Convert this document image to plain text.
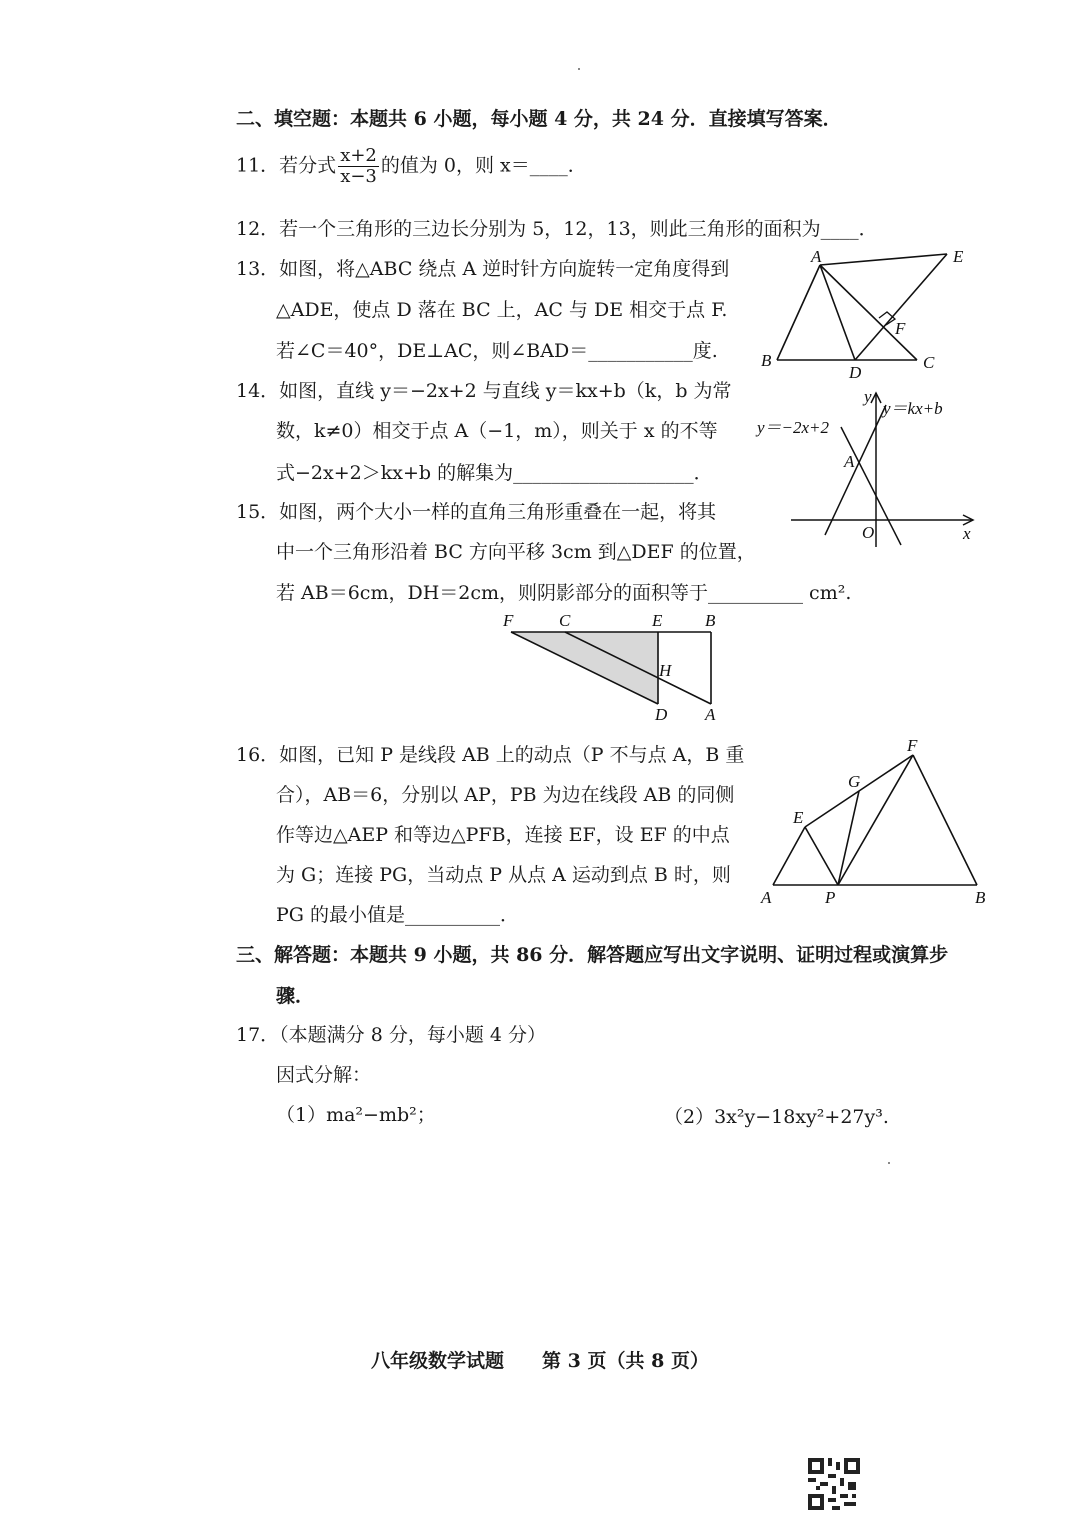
二、填空题：本题共 6 小题，每小题 4 分，共 24 分．直接填写答案．
11．若分式 $\frac{x+2}{x-3}$ 的值为 0，则 x＝____．
12．若一个三角形的三边长分别为 5，12，13，则此三角形的面积为____．
13．如图，将△ABC 绕点 A 逆时针方向旋转一定角度得到
△ADE，使点 D 落在 BC 上，AC 与 DE 相交于点 F.
若∠C＝40°，DE⊥AC，则∠BAD＝___________度.
A	E
F
B
D
C
14．如图，直线 y＝−2x+2 与直线 y＝kx+b（k，b 为常
数，k≠0）相交于点 A（−1，m），则关于 x 的不等
式−2x+2＞kx+b 的解集为___________________．
y
x
O
A
y＝−2x+2
y＝kx+b
15．如图，两个大小一样的直角三角形重叠在一起，将其
中一个三角形沿着 BC 方向平移 3cm 到△DEF 的位置，
若 AB＝6cm，DH＝2cm，则阴影部分的面积等于__________ cm².
F	C	E	B
H
D A
16．如图，已知 P 是线段 AB 上的动点（P 不与点 A，B 重
合），AB＝6，分别以 AP，PB 为边在线段 AB 的同侧
作等边△AEP 和等边△PFB，连接 EF，设 EF 的中点
为 G；连接 PG，当动点 P 从点 A 运动到点 B 时，则
PG 的最小值是__________．
F
G
E
A	P	B
三、解答题：本题共 9 小题，共 86 分．解答题应写出文字说明、证明过程或演算步
骤．
17．（本题满分 8 分，每小题 4 分）
因式分解：
（1）ma²−mb²；	（2）3x²y−18xy²+27y³.
八年级数学试题　　第 3 页（共 8 页）
